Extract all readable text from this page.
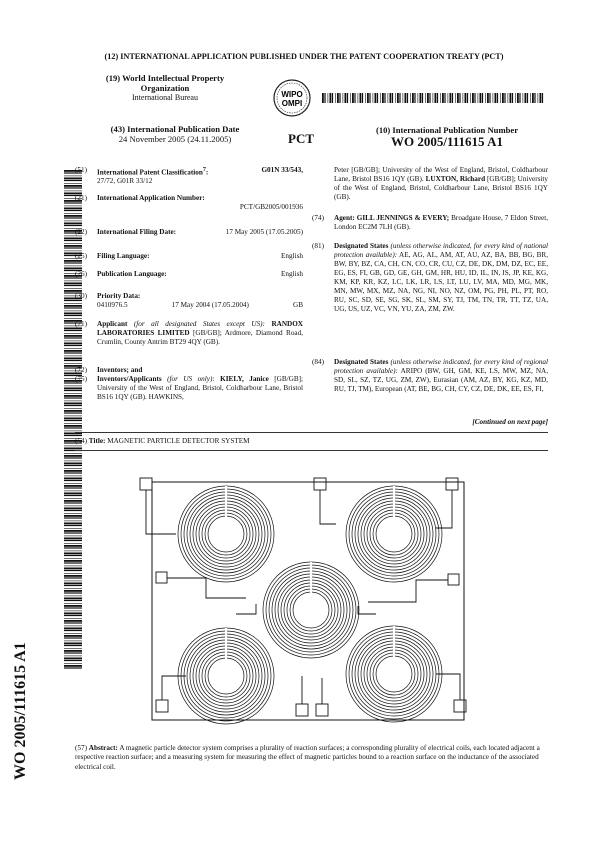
(12) INTERNATIONAL APPLICATION PUBLISHED UNDER THE PATENT COOPERATION TREATY (PCT)
(19) World Intellectual Property
Organization
International Bureau	WIPO
OMPI
(43) International Publication Date
24 November 2005 (24.11.2005)	PCT
(10) International Publication Number
WO 2005/111615 A1
WO 2005/111615 A1
(51)	International Patent Classification$^7$:	G01N 33/543,
27/72, G01R 33/12
(21)	International Application Number:
PCT/GB2005/001936
(22)	International Filing Date:	17 May 2005 (17.05.2005)
(25)	Filing Language:	English
(26)	Publication Language:	English
(30)	Priority Data:
0410976.5	17 May 2004 (17.05.2004)	GB
(71)	Applicant (for all designated States except US): RANDOX LABORATORIES LIMITED [GB/GB]; Ardmore, Diamond Road, Crumlin, County Antrim BT29 4QY (GB).
(72)	Inventors; and
(75)	Inventors/Applicants (for US only): KIELY, Janice [GB/GB]; University of the West of England, Bristol, Coldharbour Lane, Bristol BS16 1QY (GB). HAWKINS,
Peter [GB/GB]; University of the West of England, Bristol, Coldharbour Lane, Bristol BS16 1QY (GB). LUXTON, Richard [GB/GB]; University of the West of England, Bristol, Coldharbour Lane, Bristol BS16 1QY (GB).
(74)	Agent: GILL JENNINGS & EVERY; Broadgate House, 7 Eldon Street, London EC2M 7LH (GB).
(81)	Designated States (unless otherwise indicated, for every kind of national protection available): AE, AG, AL, AM, AT, AU, AZ, BA, BB, BG, BR, BW, BY, BZ, CA, CH, CN, CO, CR, CU, CZ, DE, DK, DM, DZ, EC, EE, EG, ES, FI, GB, GD, GE, GH, GM, HR, HU, ID, IL, IN, IS, JP, KE, KG, KM, KP, KR, KZ, LC, LK, LR, LS, LT, LU, LV, MA, MD, MG, MK, MN, MW, MX, MZ, NA, NG, NI, NO, NZ, OM, PG, PH, PL, PT, RO, RU, SC, SD, SE, SG, SK, SL, SM, SY, TJ, TM, TN, TR, TT, TZ, UA, UG, US, UZ, VC, VN, YU, ZA, ZM, ZW.
(84)	Designated States (unless otherwise indicated, for every kind of regional protection available): ARIPO (BW, GH, GM, KE, LS, MW, MZ, NA, SD, SL, SZ, TZ, UG, ZM, ZW), Eurasian (AM, AZ, BY, KG, KZ, MD, RU, TJ, TM), European (AT, BE, BG, CH, CY, CZ, DE, DK, EE, ES, FI,
[Continued on next page]
(54) Title: MAGNETIC PARTICLE DETECTOR SYSTEM
(57) Abstract: A magnetic particle detector system comprises a plurality of reaction surfaces; a corresponding plurality of electrical coils, each located adjacent a respective reaction surface; and a measuring system for measuring the effect of magnetic particles bound to a reaction surface on the inductance of the associated electrical coil.
